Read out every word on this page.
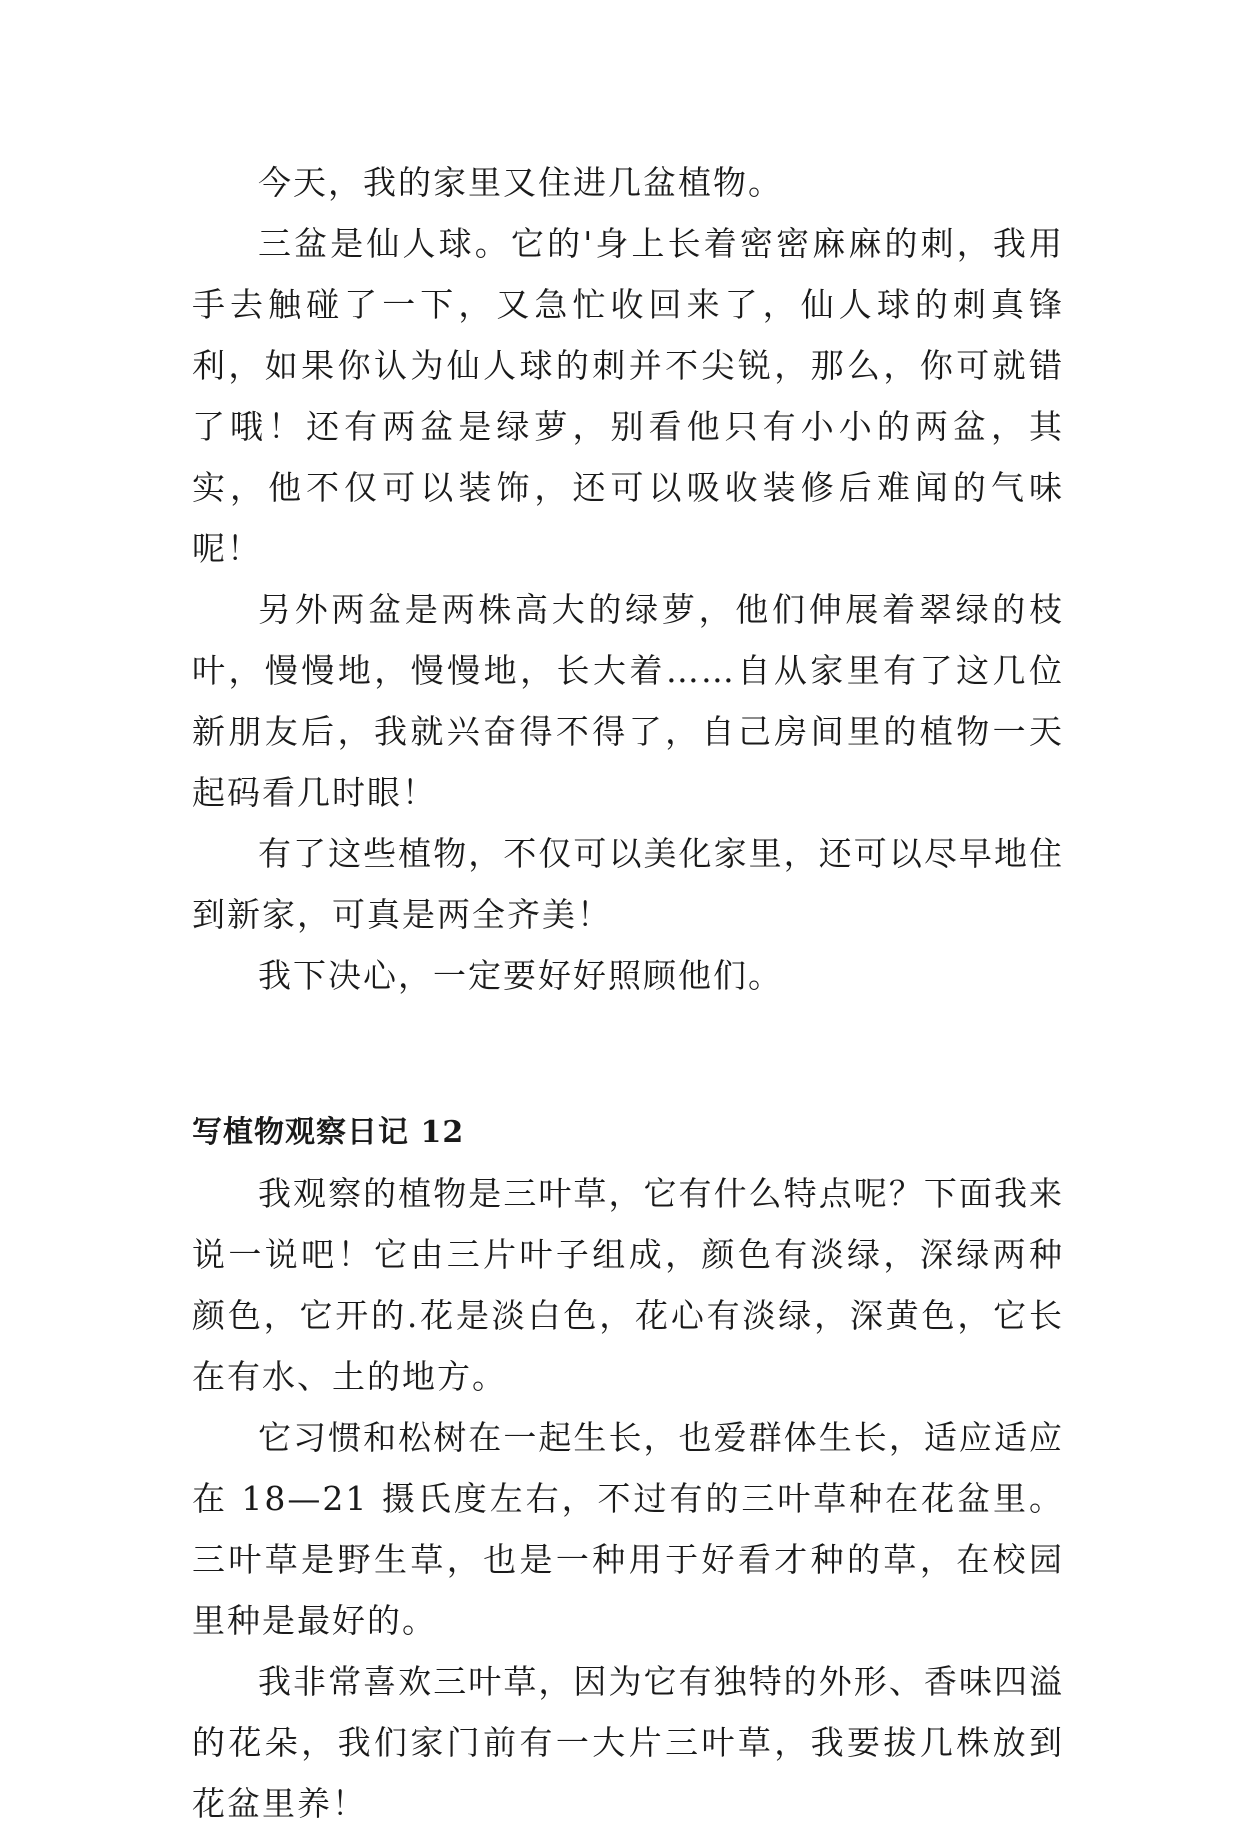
今天，我的家里又住进几盆植物。

三盆是仙人球。它的'身上长着密密麻麻的刺，我用手去触碰了一下，又急忙收回来了，仙人球的刺真锋利，如果你认为仙人球的刺并不尖锐，那么，你可就错了哦！还有两盆是绿萝，别看他只有小小的两盆，其实，他不仅可以装饰，还可以吸收装修后难闻的气味呢！

另外两盆是两株高大的绿萝，他们伸展着翠绿的枝叶，慢慢地，慢慢地，长大着……自从家里有了这几位新朋友后，我就兴奋得不得了，自己房间里的植物一天起码看几时眼！

有了这些植物，不仅可以美化家里，还可以尽早地住到新家，可真是两全齐美！

我下决心，一定要好好照顾他们。

写植物观察日记 12

我观察的植物是三叶草，它有什么特点呢？下面我来说一说吧！它由三片叶子组成，颜色有淡绿，深绿两种颜色，它开的.花是淡白色，花心有淡绿，深黄色，它长在有水、土的地方。

它习惯和松树在一起生长，也爱群体生长，适应适应在 18—21 摄氏度左右，不过有的三叶草种在花盆里。三叶草是野生草，也是一种用于好看才种的草，在校园里种是最好的。

我非常喜欢三叶草，因为它有独特的外形、香味四溢的花朵，我们家门前有一大片三叶草，我要拔几株放到花盆里养！
